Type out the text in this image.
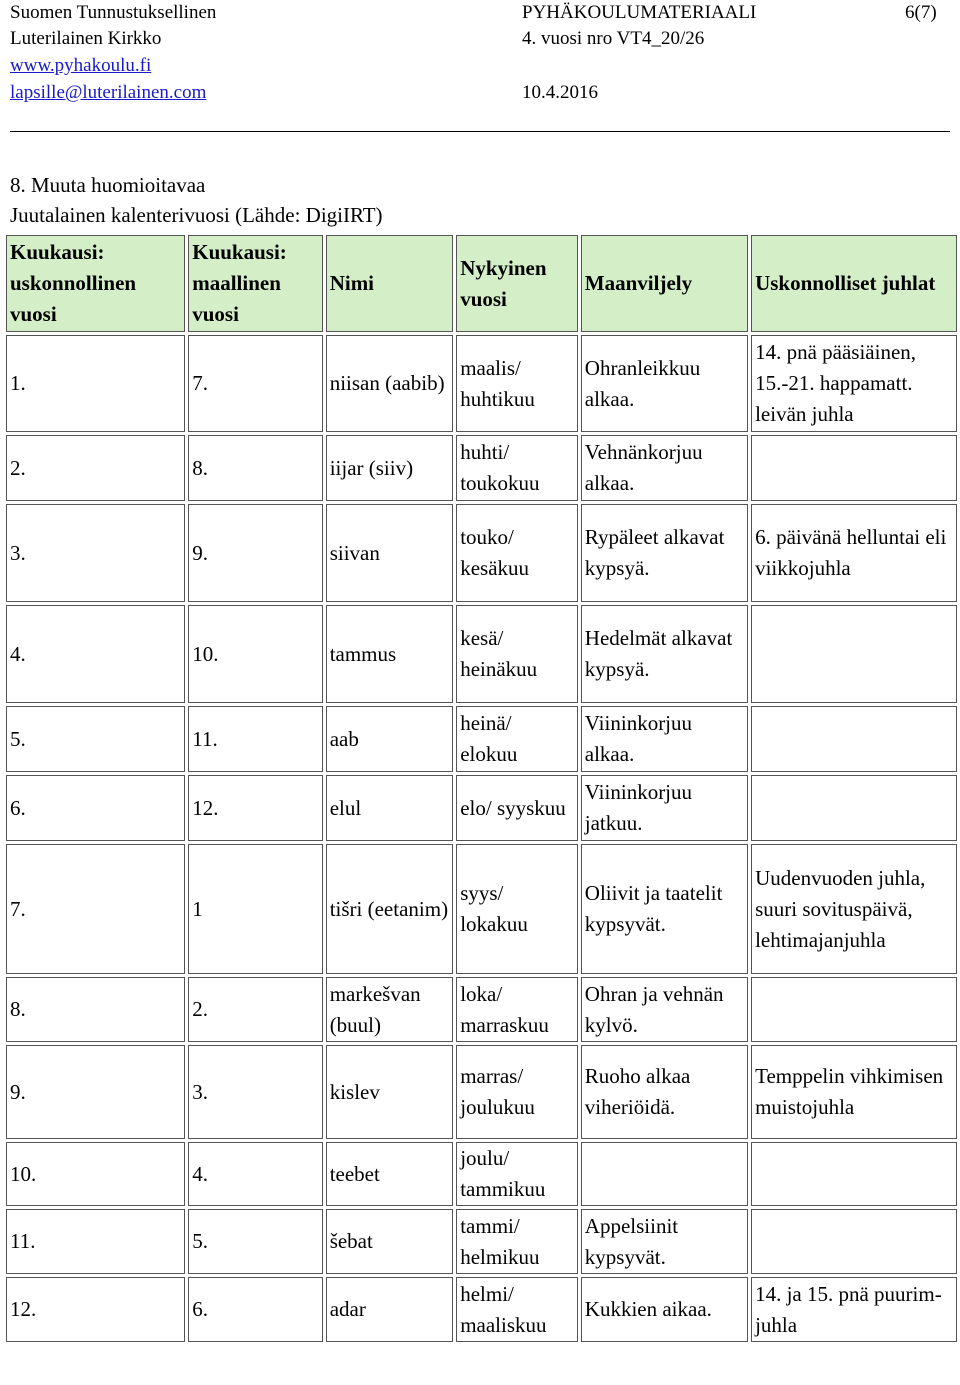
Suomen Tunnustuksellinen	PYHÄKOULUMATERIAALI	6(7)
Luterilainen Kirkko	4. vuosi nro VT4_20/26
www.pyhakoulu.fi
lapsille@luterilainen.com	10.4.2016
8. Muuta huomioitavaa
Juutalainen kalenterivuosi (Lähde: DigiIRT)
Kuukausi: uskonnollinen vuosi	Kuukausi: maallinen vuosi	Nimi	Nykyinen vuosi	Maanviljely	Uskonnolliset juhlat
1.	7.	niisan (aabib)	maalis/ huhtikuu	Ohranleikkuu alkaa.	14. pnä pääsiäinen, 15.-21. happamatt. leivän juhla
2.	8.	iijar (siiv)	huhti/ toukokuu	Vehnänkorjuu alkaa.	
3.	9.	siivan	touko/ kesäkuu	Rypäleet alkavat kypsyä.	6. päivänä helluntai eli viikkojuhla
4.	10.	tammus	kesä/ heinäkuu	Hedelmät alkavat kypsyä.	
5.	11.	aab	heinä/ elokuu	Viininkorjuu alkaa.	
6.	12.	elul	elo/ syyskuu	Viininkorjuu jatkuu.	
7.	1	tišri (eetanim)	syys/ lokakuu	Oliivit ja taatelit kypsyvät.	Uudenvuoden juhla, suuri sovituspäivä, lehtimajanjuhla
8.	2.	markešvan (buul)	loka/ marraskuu	Ohran ja vehnän kylvö.	
9.	3.	kislev	marras/ joulukuu	Ruoho alkaa viheriöidä.	Temppelin vihkimisen muistojuhla
10.	4.	teebet	joulu/ tammikuu		
11.	5.	šebat	tammi/ helmikuu	Appelsiinit kypsyvät.	
12.	6.	adar	helmi/ maaliskuu	Kukkien aikaa.	14. ja 15. pnä puurim-juhla
